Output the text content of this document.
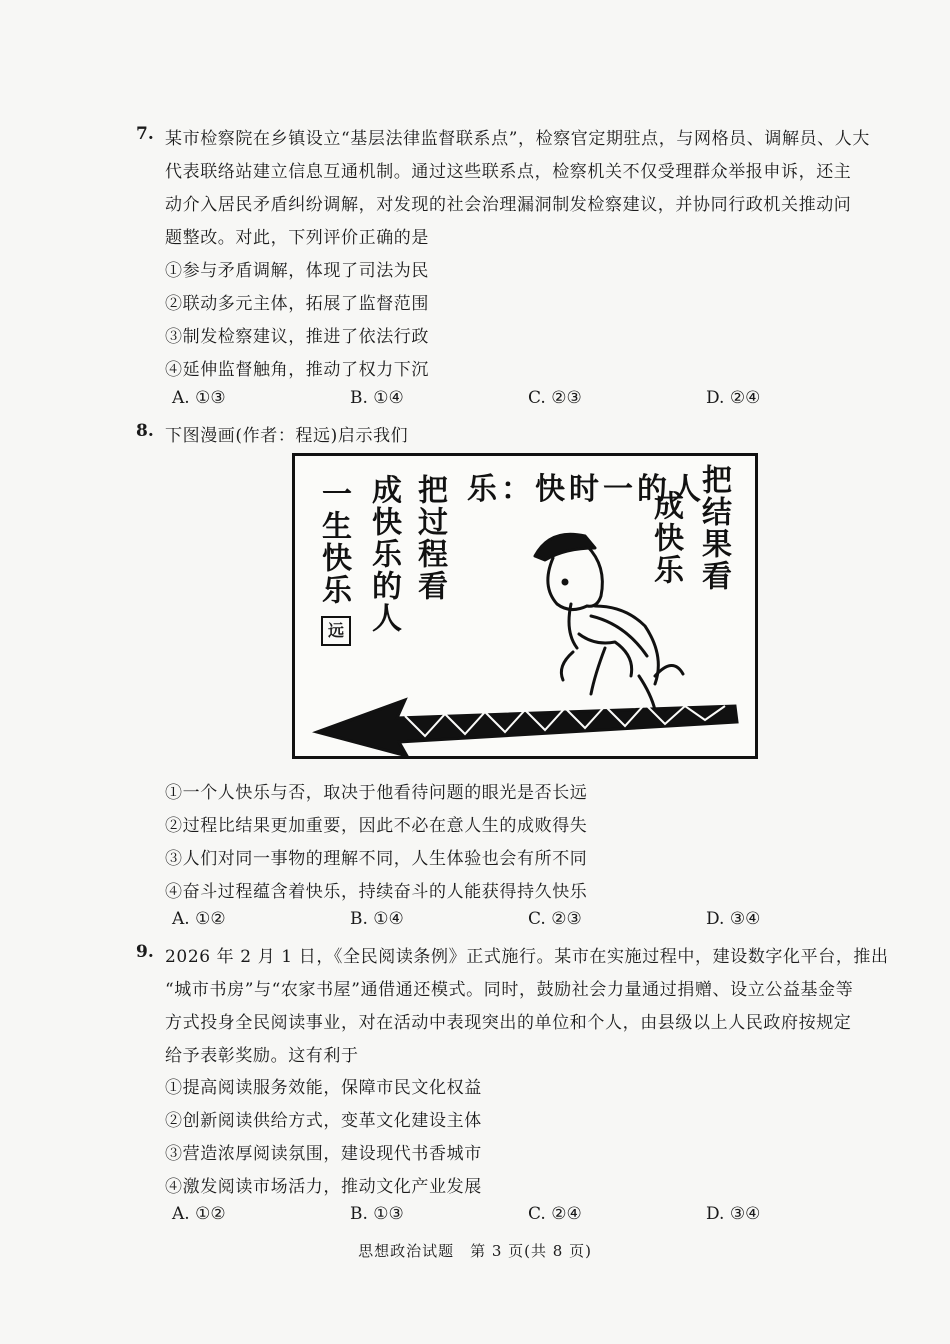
7. 某市检察院在乡镇设立“基层法律监督联系点”，检察官定期驻点，与网格员、调解员、人大
代表联络站建立信息互通机制。通过这些联系点，检察机关不仅受理群众举报申诉，还主
动介入居民矛盾纠纷调解，对发现的社会治理漏洞制发检察建议，并协同行政机关推动问
题整改。对此，下列评价正确的是
①参与矛盾调解，体现了司法为民
②联动多元主体，拓展了监督范围
③制发检察建议，推进了依法行政
④延伸监督触角，推动了权力下沉
A. ①③	B. ①④	C. ②③	D. ②④
8. 下图漫画(作者：程远)启示我们
一生快乐
远 成快乐的人 把过程看 乐：快时一的人
成快乐 把结果看
①一个人快乐与否，取决于他看待问题的眼光是否长远
②过程比结果更加重要，因此不必在意人生的成败得失
③人们对同一事物的理解不同，人生体验也会有所不同
④奋斗过程蕴含着快乐，持续奋斗的人能获得持久快乐
A. ①②	B. ①④	C. ②③	D. ③④
9. 2026 年 2 月 1 日，《全民阅读条例》正式施行。某市在实施过程中，建设数字化平台，推出
“城市书房”与“农家书屋”通借通还模式。同时，鼓励社会力量通过捐赠、设立公益基金等
方式投身全民阅读事业，对在活动中表现突出的单位和个人，由县级以上人民政府按规定
给予表彰奖励。这有利于
①提高阅读服务效能，保障市民文化权益
②创新阅读供给方式，变革文化建设主体
③营造浓厚阅读氛围，建设现代书香城市
④激发阅读市场活力，推动文化产业发展
A. ①②	B. ①③	C. ②④	D. ③④
思想政治试题　第 3 页(共 8 页)
